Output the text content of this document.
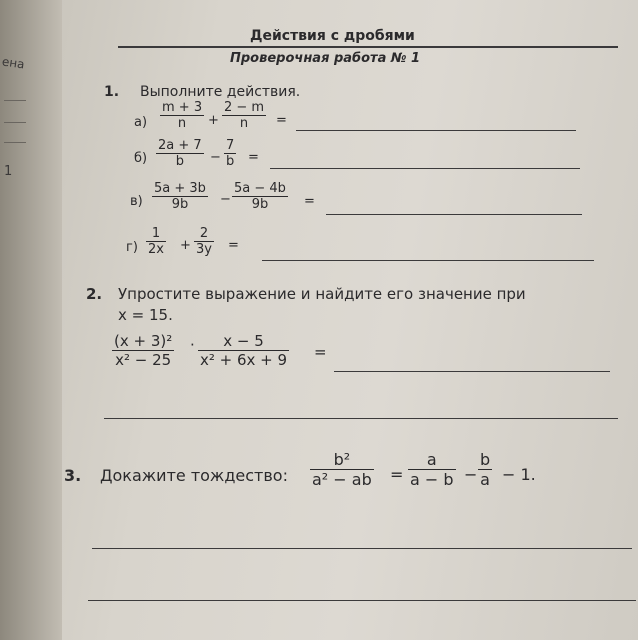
ена
1
Действия с дробями
Проверочная работа № 1
1. Выполните действия.
$а) \frac{m + 3}{n} + \frac{2 - m}{n}$ =
$б) \frac{2a + 7}{b} - \frac{7}{b}$ =
$в) \frac{5a + 3b}{9b} - \frac{5a - 4b}{9b}$ =
$г) \frac{1}{2x} + \frac{2}{3y}$ =
2. Упростите выражение и найдите его значение при
x = 15.
$\frac{\text{(x + 3)²}}{\text{x² − 25}} \cdot \frac{x - 5}{\text{x² + 6x + 9}}$ =
3. Докажите тождество: $\frac{\text{b²}}{\text{a² − ab}} = \frac{a}{a - b} - \frac{b}{a} - 1$.
